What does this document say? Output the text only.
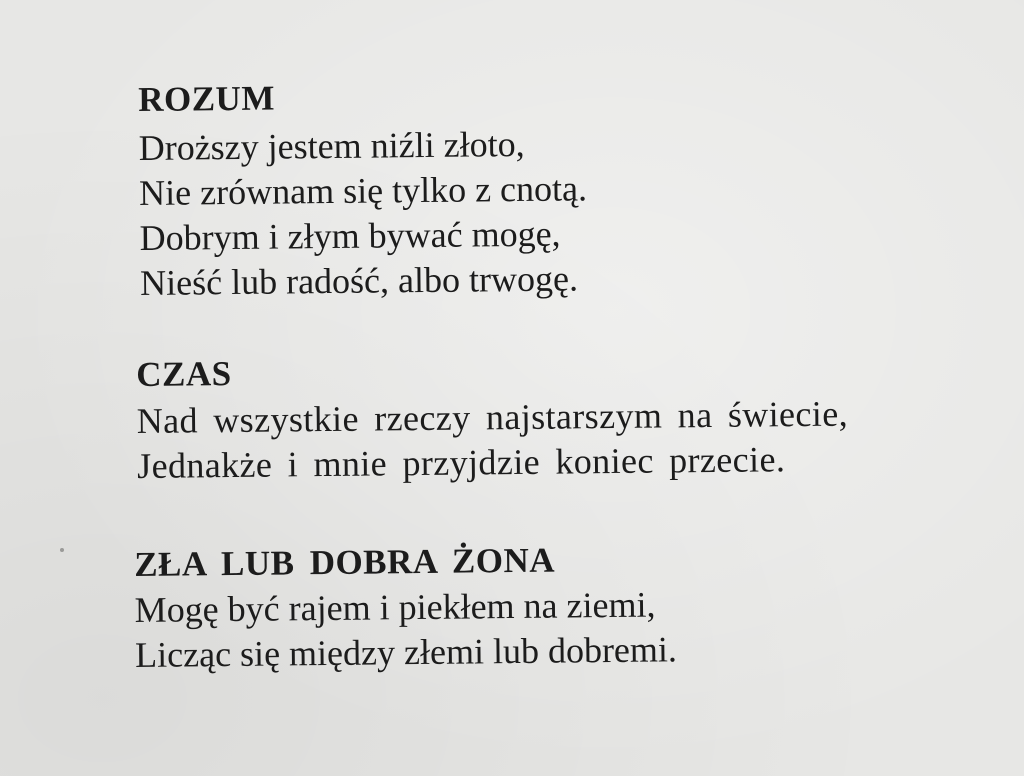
ROZUM

Droższy jestem niźli złoto,

Nie zrównam się tylko z cnotą.

Dobrym i złym bywać mogę,

Nieść lub radość, albo trwogę.

CZAS

Nad wszystkie rzeczy najstarszym na świecie,

Jednakże i mnie przyjdzie koniec przecie.

ZŁA LUB DOBRA ŻONA

Mogę być rajem i piekłem na ziemi,

Licząc się między złemi lub dobremi.
